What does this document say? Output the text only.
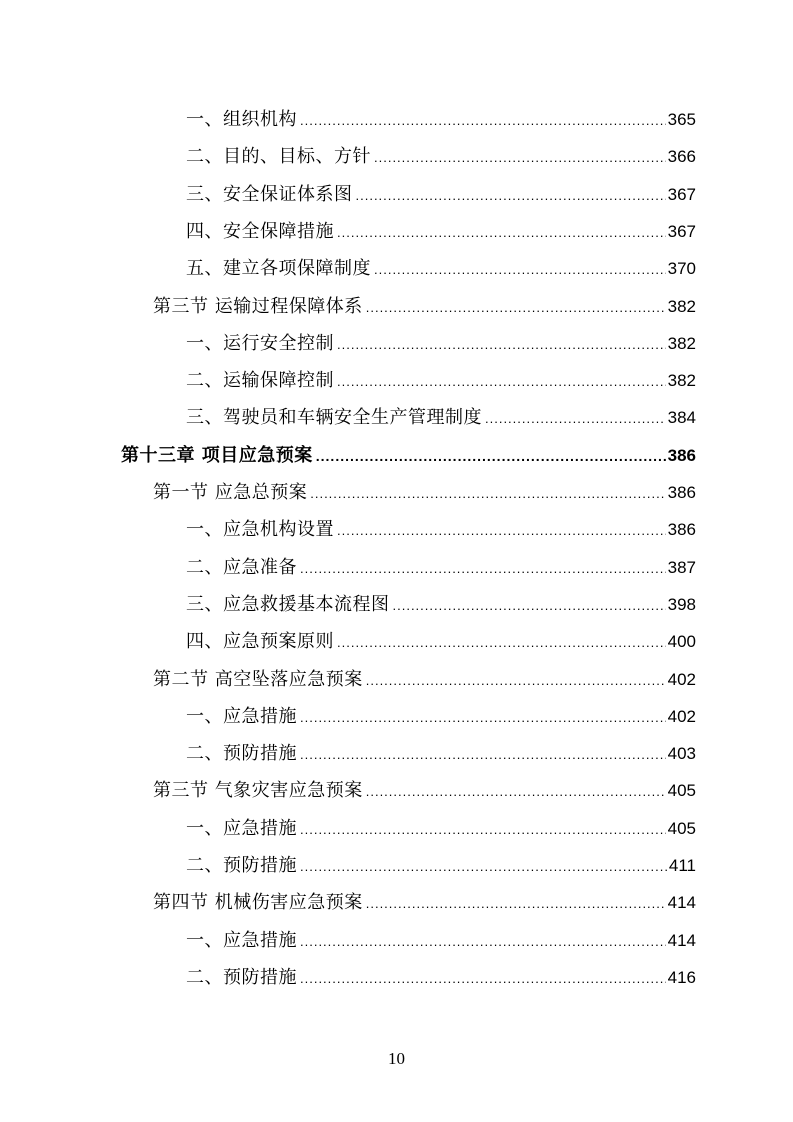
一、组织机构 .....	365
二、目的、目标、方针 .....	366
三、安全保证体系图 .....	367
四、安全保障措施 .....	367
五、建立各项保障制度 .....	370
第三节 运输过程保障体系 .....	382
一、运行安全控制 .....	382
二、运输保障控制 .....	382
三、驾驶员和车辆安全生产管理制度 .....	384
第十三章 项目应急预案 .....	386
第一节 应急总预案 .....	386
一、应急机构设置 .....	386
二、应急准备 .....	387
三、应急救援基本流程图 .....	398
四、应急预案原则 .....	400
第二节 高空坠落应急预案 .....	402
一、应急措施 .....	402
二、预防措施 .....	403
第三节 气象灾害应急预案 .....	405
一、应急措施 .....	405
二、预防措施 .....	411
第四节 机械伤害应急预案 .....	414
一、应急措施 .....	414
二、预防措施 .....	416
10
